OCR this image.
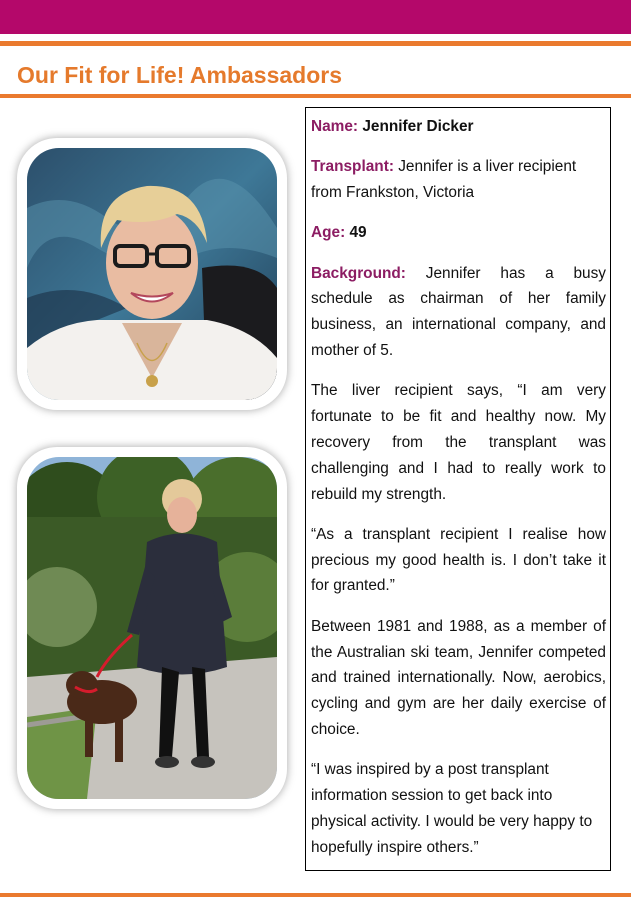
Our Fit for Life! Ambassadors

Name: Jennifer Dicker

Transplant: Jennifer is a liver recipient from Frankston, Victoria

Age: 49

Background: Jennifer has a busy schedule as chairman of her family business, an international company, and mother of 5.

The liver recipient says, “I am very fortunate to be fit and healthy now. My recovery from the transplant was challenging and I had to really work to rebuild my strength.

“As a transplant recipient I realise how precious my good health is. I don’t take it for granted.”

Between 1981 and 1988, as a member of the Australian ski team, Jennifer competed and trained internationally. Now, aerobics, cycling and gym are her daily exercise of choice.

“I was inspired by a post transplant information session to get back into physical activity. I would be very happy to hopefully inspire others.”
